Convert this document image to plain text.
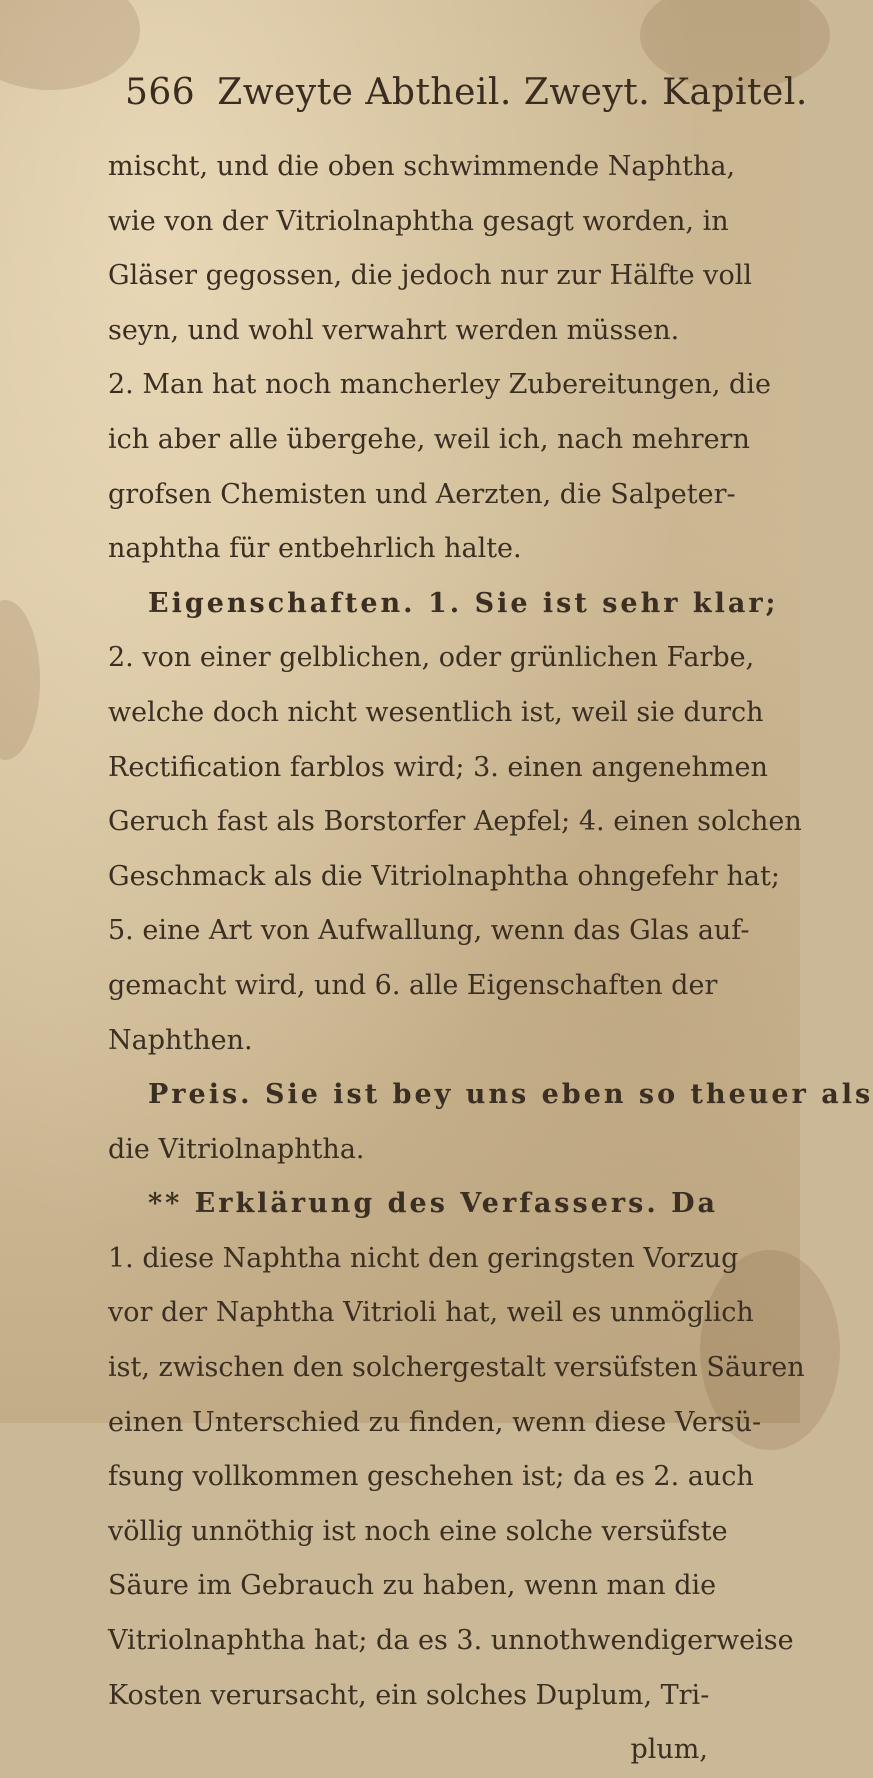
566 Zweyte Abtheil. Zweyt. Kapitel.
mischt, und die oben schwimmende Naphtha,
wie von der Vitriolnaphtha gesagt worden, in
Gläser gegossen, die jedoch nur zur Hälfte voll
seyn, und wohl verwahrt werden müssen.
2. Man hat noch mancherley Zubereitungen, die
ich aber alle übergehe, weil ich, nach mehrern
grofsen Chemisten und Aerzten, die Salpeter-
naphtha für entbehrlich halte.
Eigenschaften. 1. Sie ist sehr klar;
2. von einer gelblichen, oder grünlichen Farbe,
welche doch nicht wesentlich ist, weil sie durch
Rectification farblos wird; 3. einen angenehmen
Geruch fast als Borstorfer Aepfel; 4. einen solchen
Geschmack als die Vitriolnaphtha ohngefehr hat;
5. eine Art von Aufwallung, wenn das Glas auf-
gemacht wird, und 6. alle Eigenschaften der
Naphthen.
Preis. Sie ist bey uns eben so theuer als
die Vitriolnaphtha.
** Erklärung des Verfassers. Da
1. diese Naphtha nicht den geringsten Vorzug
vor der Naphtha Vitrioli hat, weil es unmöglich
ist, zwischen den solchergestalt versüfsten Säuren
einen Unterschied zu finden, wenn diese Versü-
fsung vollkommen geschehen ist; da es 2. auch
völlig unnöthig ist noch eine solche versüfste
Säure im Gebrauch zu haben, wenn man die
Vitriolnaphtha hat; da es 3. unnothwendigerweise
Kosten verursacht, ein solches Duplum, Tri-
plum,
